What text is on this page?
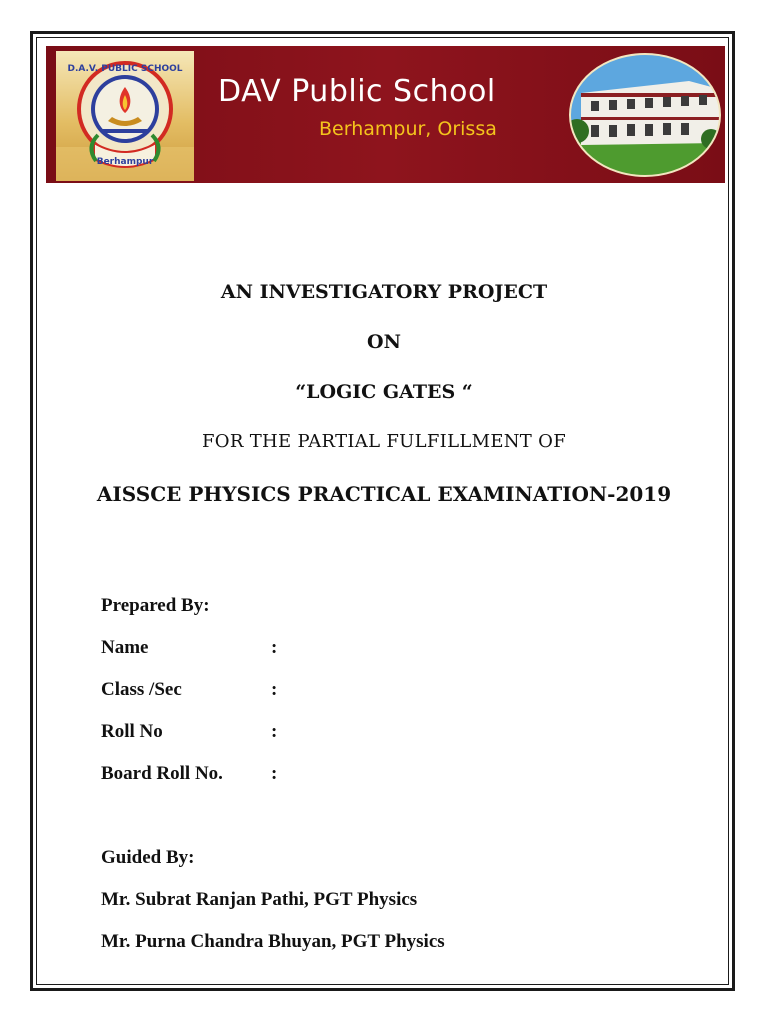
D.A.V. PUBLIC SCHOOL
Berhampur
DAV Public School
Berhampur, Orissa
AN INVESTIGATORY PROJECT
ON
“LOGIC GATES “
FOR THE PARTIAL FULFILLMENT OF
AISSCE PHYSICS PRACTICAL EXAMINATION-2019
Prepared By:
Name	:
Class /Sec	:
Roll No	:
Board Roll No.	:
Guided By:
Mr. Subrat Ranjan Pathi, PGT Physics
Mr. Purna Chandra Bhuyan, PGT Physics
